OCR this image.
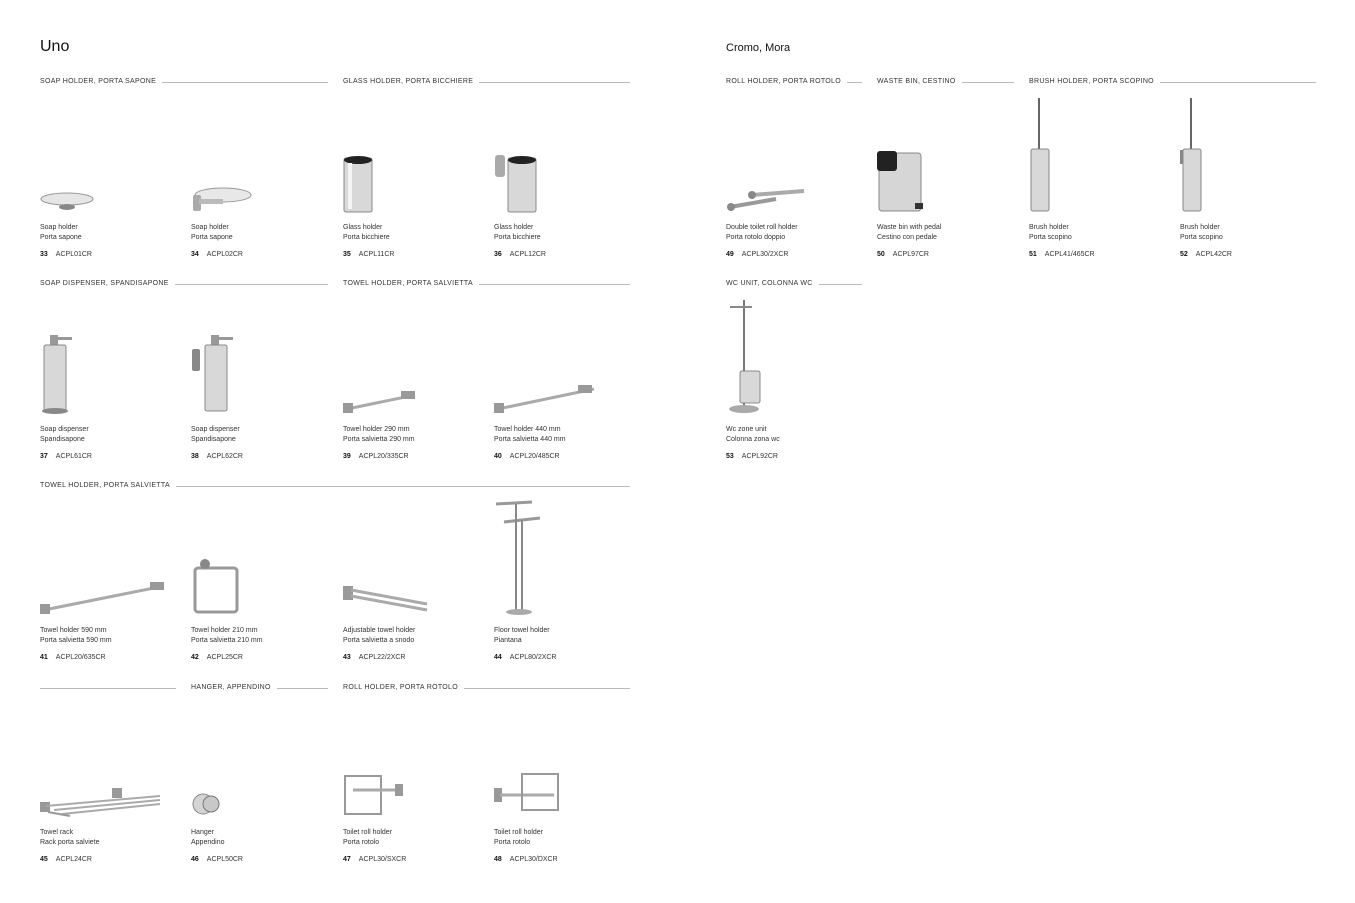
Uno	Cromo, Mora
SOAP HOLDER, PORTA SAPONE	GLASS HOLDER, PORTA BICCHIERE	ROLL HOLDER, PORTA ROTOLO	WASTE BIN, CESTINO	BRUSH HOLDER, PORTA SCOPINO
SOAP DISPENSER, SPANDISAPONE	TOWEL HOLDER, PORTA SALVIETTA	WC UNIT, COLONNA WC
TOWEL HOLDER, PORTA SALVIETTA
HANGER, APPENDINO	ROLL HOLDER, PORTA ROTOLO
Soap holder
Porta sapone
33 ACPL01CR
Soap holder
Porta sapone
34 ACPL02CR
Glass holder
Porta bicchiere
35 ACPL11CR
Glass holder
Porta bicchiere
36 ACPL12CR
Double toilet roll holder
Porta rotolo doppio
49 ACPL30/2XCR
Waste bin with pedal
Cestino con pedale
50 ACPL97CR
Brush holder
Porta scopino
51 ACPL41/465CR
Brush holder
Porta scopino
52 ACPL42CR
Soap dispenser
Spandisapone
37 ACPL61CR
Soap dispenser
Spandisapone
38 ACPL62CR
Towel holder 290 mm
Porta salvietta 290 mm
39 ACPL20/335CR
Towel holder 440 mm
Porta salvietta 440 mm
40 ACPL20/485CR
Wc zone unit
Colonna zona wc
53 ACPL92CR
Towel holder 590 mm
Porta salvietta 590 mm
41 ACPL20/635CR
Towel holder 210 mm
Porta salvietta 210 mm
42 ACPL25CR
Adjustable towel holder
Porta salvietta a snodo
43 ACPL22/2XCR
Floor towel holder
Piantana
44 ACPL80/2XCR
Towel rack
Rack porta salviete
45 ACPL24CR
Hanger
Appendino
46 ACPL50CR
Toilet roll holder
Porta rotolo
47 ACPL30/SXCR
Toilet roll holder
Porta rotolo
48 ACPL30/DXCR
